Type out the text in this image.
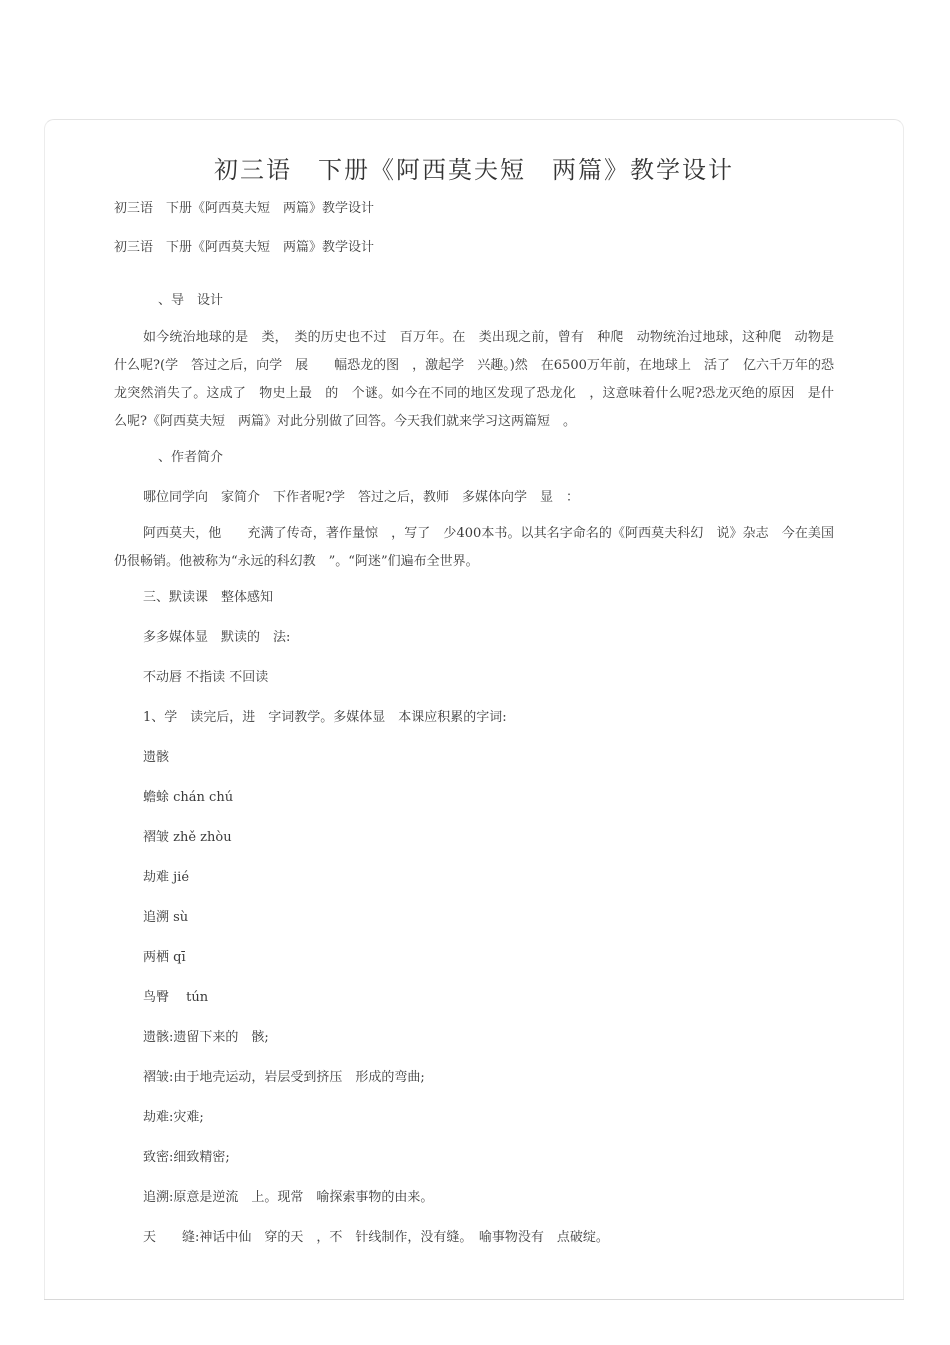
初三语　下册《阿西莫夫短　两篇》教学设计

初三语　下册《阿西莫夫短　两篇》教学设计

初三语　下册《阿西莫夫短　两篇》教学设计

、导　设计

如今统治地球的是　类，　类的历史也不过　百万年。在　类出现之前，曾有　种爬　动物统治过地球，这种爬　动物是什么呢?(学　答过之后，向学　展　　幅恐龙的图　，激起学　兴趣。)然　在6500万年前，在地球上　活了　亿六千万年的恐龙突然消失了。这成了　物史上最　的　个谜。如今在不同的地区发现了恐龙化　，这意味着什么呢?恐龙灭绝的原因　是什么呢?《阿西莫夫短　两篇》对此分别做了回答。今天我们就来学习这两篇短　。

、作者简介

哪位同学向　家简介　下作者呢?学　答过之后，教师　多媒体向学　显　：

阿西莫夫，他　　充满了传奇，著作量惊　，写了　少400本书。以其名字命名的《阿西莫夫科幻　说》杂志　今在美国仍很畅销。他被称为“永远的科幻教　”。“阿迷”们遍布全世界。

三、默读课　整体感知

多多媒体显　默读的　法:

不动唇 不指读 不回读

1、学　读完后，进　字词教学。多媒体显　本课应积累的字词:

遗骸

蟾蜍 chán chú

褶皱 zhě zhòu

劫难 jié

追溯 sù

两栖 qī

鸟臀　 tún

遗骸:遗留下来的　骸;

褶皱:由于地壳运动，岩层受到挤压　形成的弯曲;

劫难:灾难;

致密:细致精密;

追溯:原意是逆流　上。现常　喻探索事物的由来。

天　　缝:神话中仙　穿的天　，不　针线制作，没有缝。　喻事物没有　点破绽。
